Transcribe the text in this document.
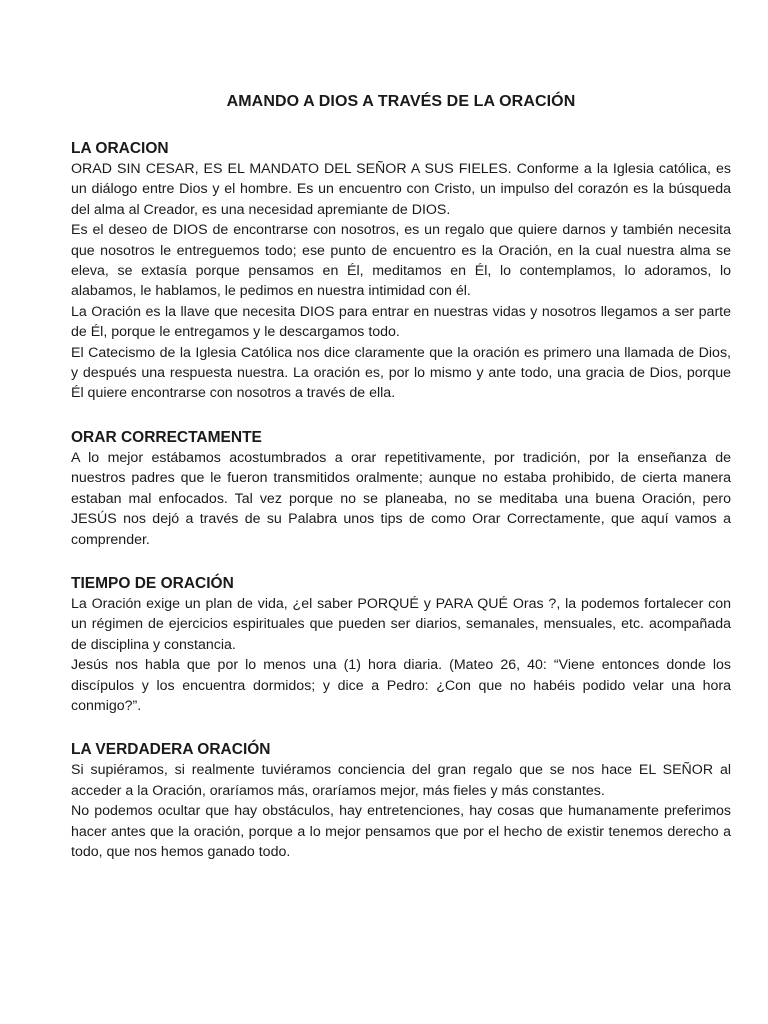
AMANDO A DIOS A TRAVÉS DE LA ORACIÓN
LA ORACION

ORAD SIN CESAR, ES EL MANDATO DEL SEÑOR A SUS FIELES. Conforme a la Iglesia católica, es un diálogo entre Dios y el hombre. Es un encuentro con Cristo, un impulso del corazón es la búsqueda del alma al Creador, es una necesidad apremiante de DIOS.

Es el deseo de DIOS de encontrarse con nosotros, es un regalo que quiere darnos y también necesita que nosotros le entreguemos todo; ese punto de encuentro es la Oración, en la cual nuestra alma se eleva, se extasía porque pensamos en Él, meditamos en Él, lo contemplamos, lo adoramos, lo alabamos, le hablamos, le pedimos en nuestra intimidad con él.

La Oración es la llave que necesita DIOS para entrar en nuestras vidas y nosotros llegamos a ser parte de Él, porque le entregamos y le descargamos todo.

El Catecismo de la Iglesia Católica nos dice claramente que la oración es primero una llamada de Dios, y después una respuesta nuestra. La oración es, por lo mismo y ante todo, una gracia de Dios, porque Él quiere encontrarse con nosotros a través de ella.

ORAR CORRECTAMENTE

A lo mejor estábamos acostumbrados a orar repetitivamente, por tradición, por la enseñanza de nuestros padres que le fueron transmitidos oralmente; aunque no estaba prohibido, de cierta manera estaban mal enfocados. Tal vez porque no se planeaba, no se meditaba una buena Oración, pero JESÚS nos dejó a través de su Palabra unos tips de como Orar Correctamente, que aquí vamos a comprender.

TIEMPO DE ORACIÓN

La Oración exige un plan de vida, ¿el saber PORQUÉ y PARA QUÉ Oras ?, la podemos fortalecer con un régimen de ejercicios espirituales que pueden ser diarios, semanales, mensuales, etc. acompañada de disciplina y constancia.

Jesús nos habla que por lo menos una (1) hora diaria. (Mateo 26, 40: “Viene entonces donde los discípulos y los encuentra dormidos; y dice a Pedro: ¿Con que no habéis podido velar una hora conmigo?”.

LA VERDADERA ORACIÓN

Si supiéramos, si realmente tuviéramos conciencia del gran regalo que se nos hace EL SEÑOR al acceder a la Oración, oraríamos más, oraríamos mejor, más fieles y más constantes.

No podemos ocultar que hay obstáculos, hay entretenciones, hay cosas que humanamente preferimos hacer antes que la oración, porque a lo mejor pensamos que por el hecho de existir tenemos derecho a todo, que nos hemos ganado todo.
